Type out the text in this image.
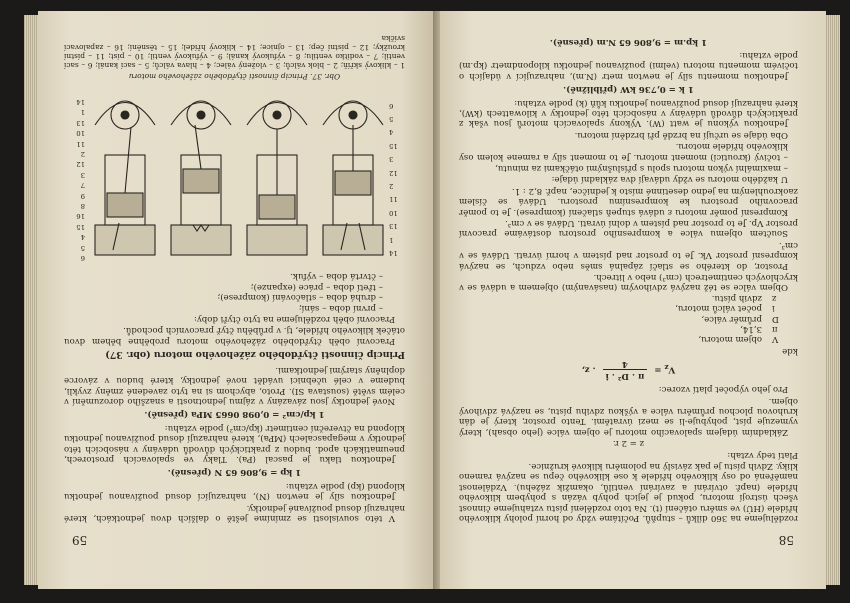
58

rozdělujeme na 360 dílků – stupňů. Počítáme vždy od horní polohy klikového hřídele (HÚ) ve směru otáčení (t). Na toto rozdělení pístu vztahujeme činnost všech ústrojí motoru, pokud je jejich pohyb vázán s pohybem klikového hřídele (např. otvírání a zavírání ventilů, okamžik zážehu). Vzdálenost naměřená od osy klikového hřídele k ose klikového čepu se nazývá rameno kliky. Zdvih pístu je pak závislý na poloměru klikové kružnice.

Platí tedy vztah:

z = 2 r.

Základním údajem spalovacího motoru je objem válce (jeho obsah), který vymezuje píst, pohybuje-li se mezi úvratěmi. Tento prostor, který je dán kruhovou plochou průměru válce a výškou zdvihu pístu, se nazývá zdvihový objem.

Pro jeho výpočet platí vzorec:

$V_z$ =
π . D² . i
4
. z,

kde

V
objem motoru,
π
3,14,
D
průměr válce,
i
počet válců motoru,
z
zdvih pístu.

Objem válce se též nazývá zdvihovým (nasávaným) objemem a udává se v krychlových centimetrech (cm³) nebo v litrech.

Prostor, do kterého se stlačí zápalná směs nebo vzduch, se nazývá kompresní prostor Vk. Je to prostor nad pístem v horní úvrati. Udává se v cm³.

Součtem objemu válce a kompresního prostoru dostáváme pracovní prostor Vp. Je to prostor nad pístem v dolní úvrati. Udává se v cm³.

Kompresní poměr motoru ε udává stupeň stlačení (komprese). Je to poměr pracovního prostoru ke kompresnímu prostoru. Udává se číslem zaokrouhleným na jedno desetinné místo k jedničce, např. 8,2 : 1.

U každého motoru se vždy udávají dva základní údaje:

– maximální výkon motoru spolu s příslušnými otáčkami za minutu,

– točivý (krouticí) moment motoru. Je to moment síly a ramene kolem osy klikového hřídele motoru.

Oba údaje se určují na brzdě při brzdění motoru.

Jednotkou výkonu je watt (W). Výkony spalovacích motorů jsou však z praktických důvodů udávány v násobcích této jednotky v kilowattech (kW), které nahrazují dosud používanou jednotku kůň (k) podle vztahu:

1 k = 0,736 kW (přibližně).

Jednotkou momentu síly je newton metr (N.m), nahrazující v údajích o točivém momentu motoru (velmi) používanou jednotku kilopondmetr (kp.m) podle vztahu:

1 kp.m = 9,806 65 N.m (přesně).

59

V této souvislosti se zmíníme ještě o dalších dvou jednotkách, které nahrazují dosud používané jednotky.

Jednotkou síly je newton (N), nahrazující dosud používanou jednotku kilopond (kp) podle vztahu:

1 kp = 9,806 65 N (přesně).

Jednotkou tlaku je pascal (Pa). Tlaky ve spalovacích prostorech, pneumatikách apod. budou z praktických důvodů udávány v násobcích této jednotky v megapascalech (MPa), které nahrazují dosud používanou jednotku kilopond na čtvereční centimetr (kp/cm²) podle vztahu:

1 kp/cm² = 0,098 0665 MPa (přesně).

Nové jednotky jsou závazány v zájmu jednotnosti a snazšího dorozumění v celém světě (soustava SI). Proto, abychom si na tyto zavedené změny zvykli, budeme v celé učebnici uvádět nové jednotky, které budou v závorce doplněny starými jednotkami.

Princip činnosti čtyřdobého zážehového motoru (obr. 37)

Pracovní oběh čtyřdobého zážehového motoru proběhne během dvou otáček klikového hřídele, tj. v průběhu čtyř pracovních pochodů.

Pracovní oběh rozdělujeme na tyto čtyři doby:

– první doba – sání;
– druhá doba – stlačování (komprese);
– třetí doba – práce (expanze);
– čtvrtá doba – výfuk.
14
1
13
10
11
2
12
3
15
4
5
6
6
5
4
15
16
8
9
7
3
12
2
11
10
13
1
14
Obr. 37. Princip činnosti čtyřdobého zážehového motoru
1 – klikový skříň; 2 – blok válců; 3 – vložený válec; 4 – hlava válců; 5 – sací kanál; 6 – sací ventil; 7 – vodítko ventilu; 8 – výfukový kanál; 9 – výfukový ventil; 10 – píst; 11 – pístní kroužky; 12 – pístní čep; 13 – ojnice; 14 – klikový hřídel; 15 – těsnění; 16 – zapalovací svíčka
